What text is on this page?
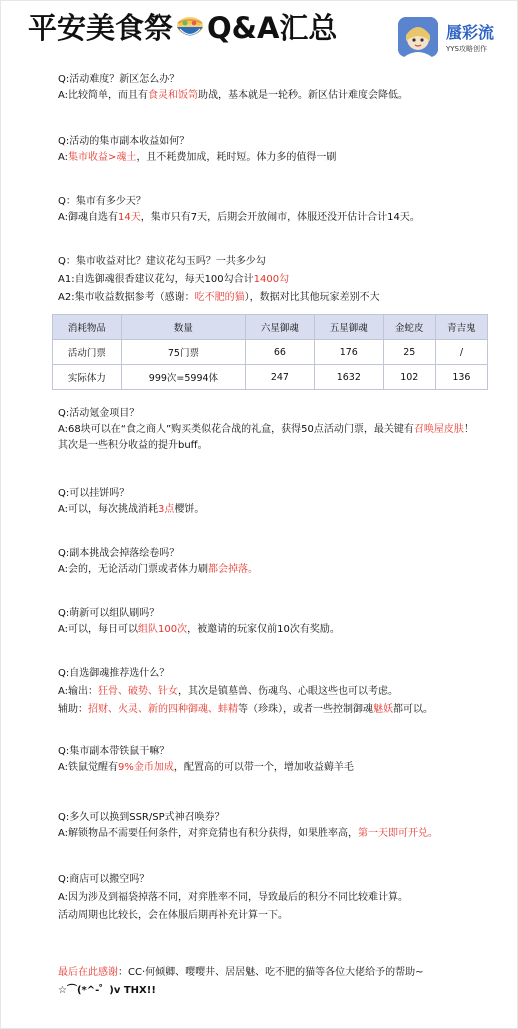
平安美食祭 Q&A汇总	蜃彩流
YYS攻略创作
Q:活动难度？新区怎么办？
A:比较简单，而且有食灵和饭笥助战，基本就是一轮秒。新区估计难度会降低。
Q:活动的集市副本收益如何？
A:集市收益>魂土，且不耗费加成，耗时短。体力多的值得一刷
Q：集市有多少天？
A:御魂自选有14天，集市只有7天，后期会开放闹市，体服还没开估计合计14天。
Q：集市收益对比？建议花勾玉吗？一共多少勾
A1:自选御魂很香建议花勾，每天100勾合计1400勾
A2:集市收益数据参考（感谢：吃不肥的猫），数据对比其他玩家差别不大
消耗物品	数量	六星御魂	五星御魂	金蛇皮	青吉鬼
活动门票	75门票	66	176	25	/
实际体力	999次=5994体	247	1632	102	136
Q:活动氪金项目？
A:68块可以在“食之商人”购买类似花合战的礼盒，获得50点活动门票，最关键有召唤屋皮肤！其次是一些积分收益的提升buff。
Q:可以挂饼吗？
A:可以，每次挑战消耗3点樱饼。
Q:副本挑战会掉落绘卷吗？
A:会的，无论活动门票或者体力刷都会掉落。
Q:萌新可以组队刷吗？
A:可以，每日可以组队100次，被邀请的玩家仅前10次有奖励。
Q:自选御魂推荐选什么？
A:输出：狂骨、破势、针女，其次是镇墓兽、伤魂鸟、心眼这些也可以考虑。
辅助：招财、火灵、新的四种御魂、蚌精等（珍珠），或者一些控制御魂魅妖都可以。
Q:集市副本带铁鼠干嘛？
A:铁鼠觉醒有9%金币加成，配置高的可以带一个，增加收益薅羊毛
Q:多久可以换到SSR/SP式神召唤券？
A:解锁物品不需要任何条件，对弈竞猜也有积分获得，如果胜率高，第一天即可开兑。
Q:商店可以搬空吗？
A:因为涉及到福袋掉落不同，对弈胜率不同，导致最后的积分不同比较难计算。
活动周期也比较长，会在体服后期再补充计算一下。
最后在此感谢：CC·何倾卿、嘤嘤井、居居魅、吃不肥的猫等各位大佬给予的帮助~
☆⌒(*^-゜)v THX!!
